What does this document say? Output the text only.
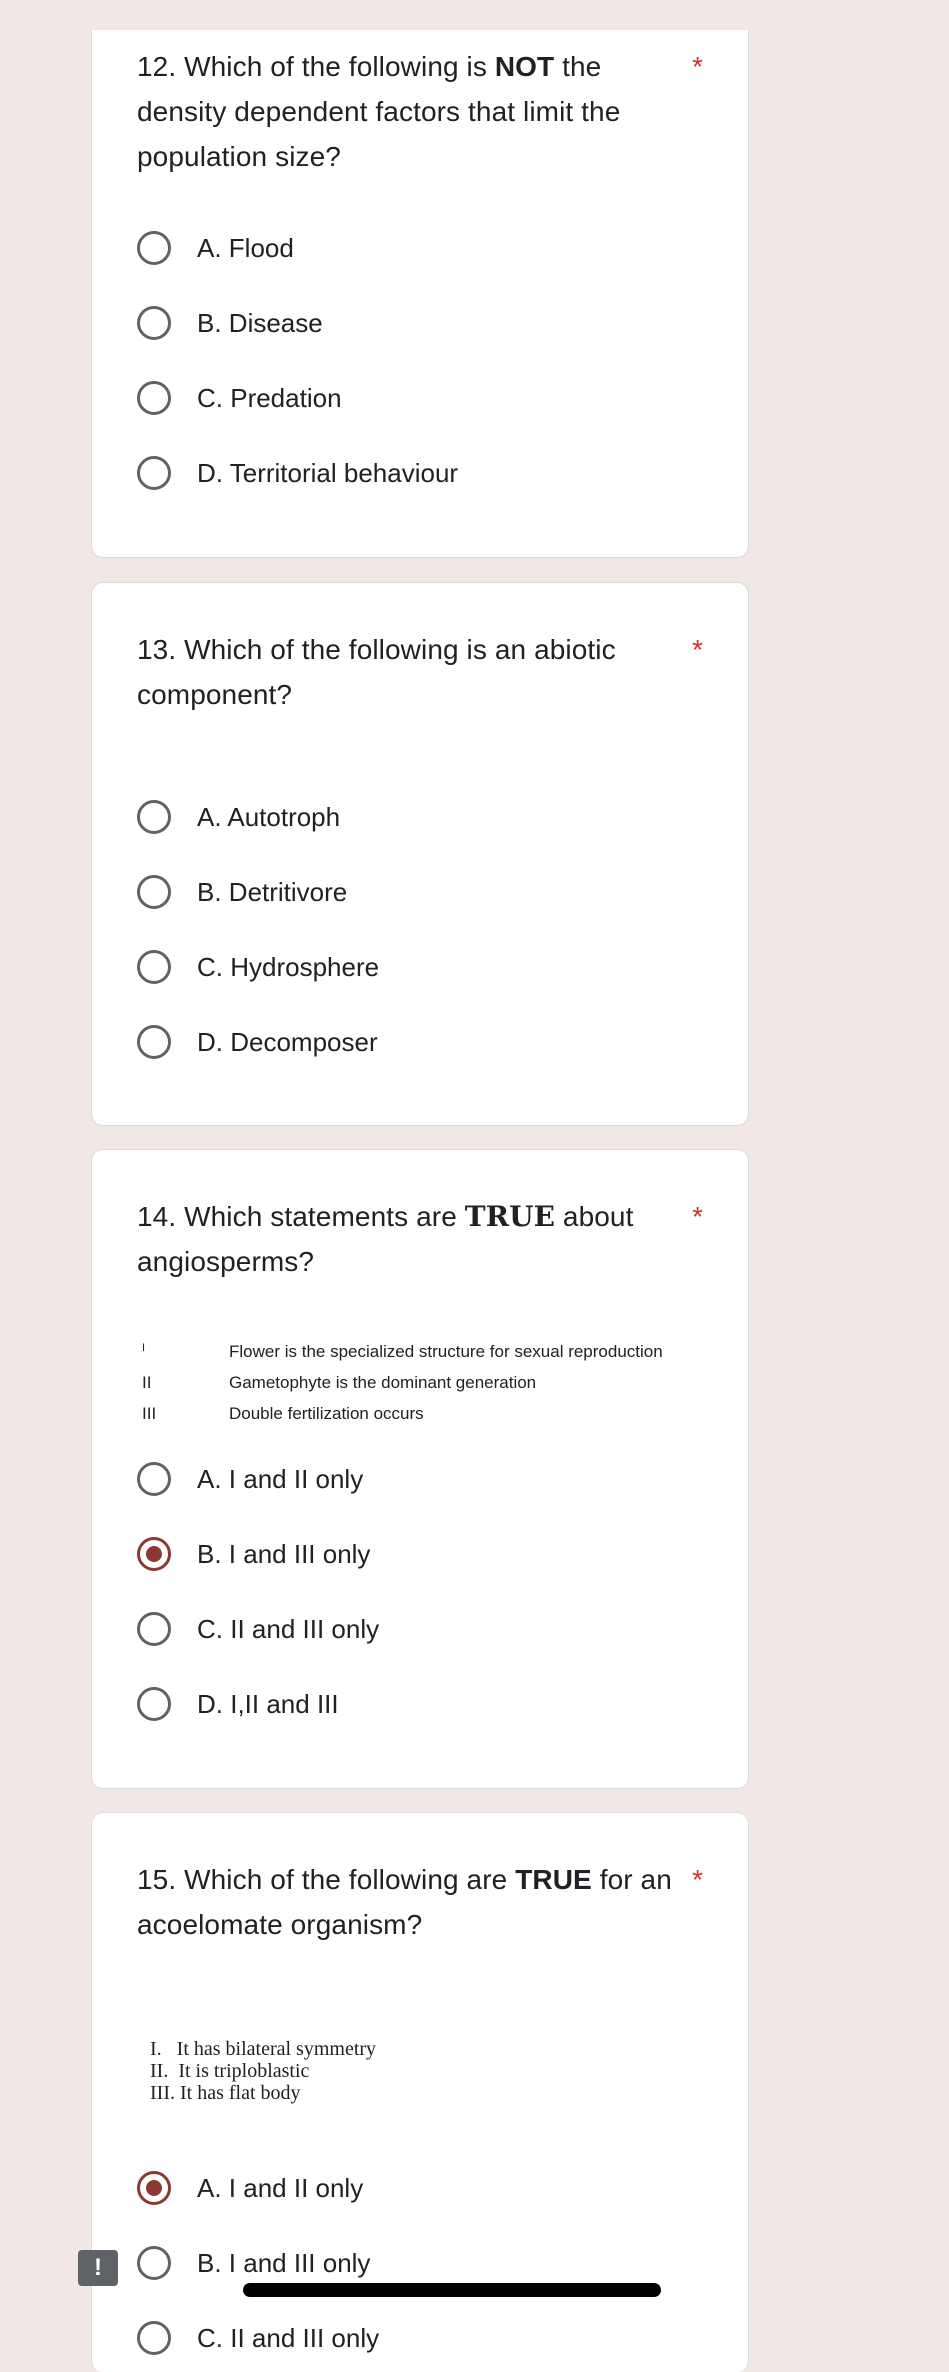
12. Which of the following is NOT the density dependent factors that limit the population size?
*
A. Flood
B. Disease
C. Predation
D. Territorial behaviour
13. Which of the following is an abiotic component?
*
A. Autotroph
B. Detritivore
C. Hydrosphere
D. Decomposer
14. Which statements are TRUE about angiosperms?
*
I	Flower is the specialized structure for sexual reproduction
II	Gametophyte is the dominant generation
III	Double fertilization occurs
A. I and II only
B. I and III only
C. II and III only
D. I,II and III
15. Which of the following are TRUE for an acoelomate organism?
*
I.   It has bilateral symmetry
II.  It is triploblastic
III. It has flat body
A. I and II only
B. I and III only
C. II and III only
!
